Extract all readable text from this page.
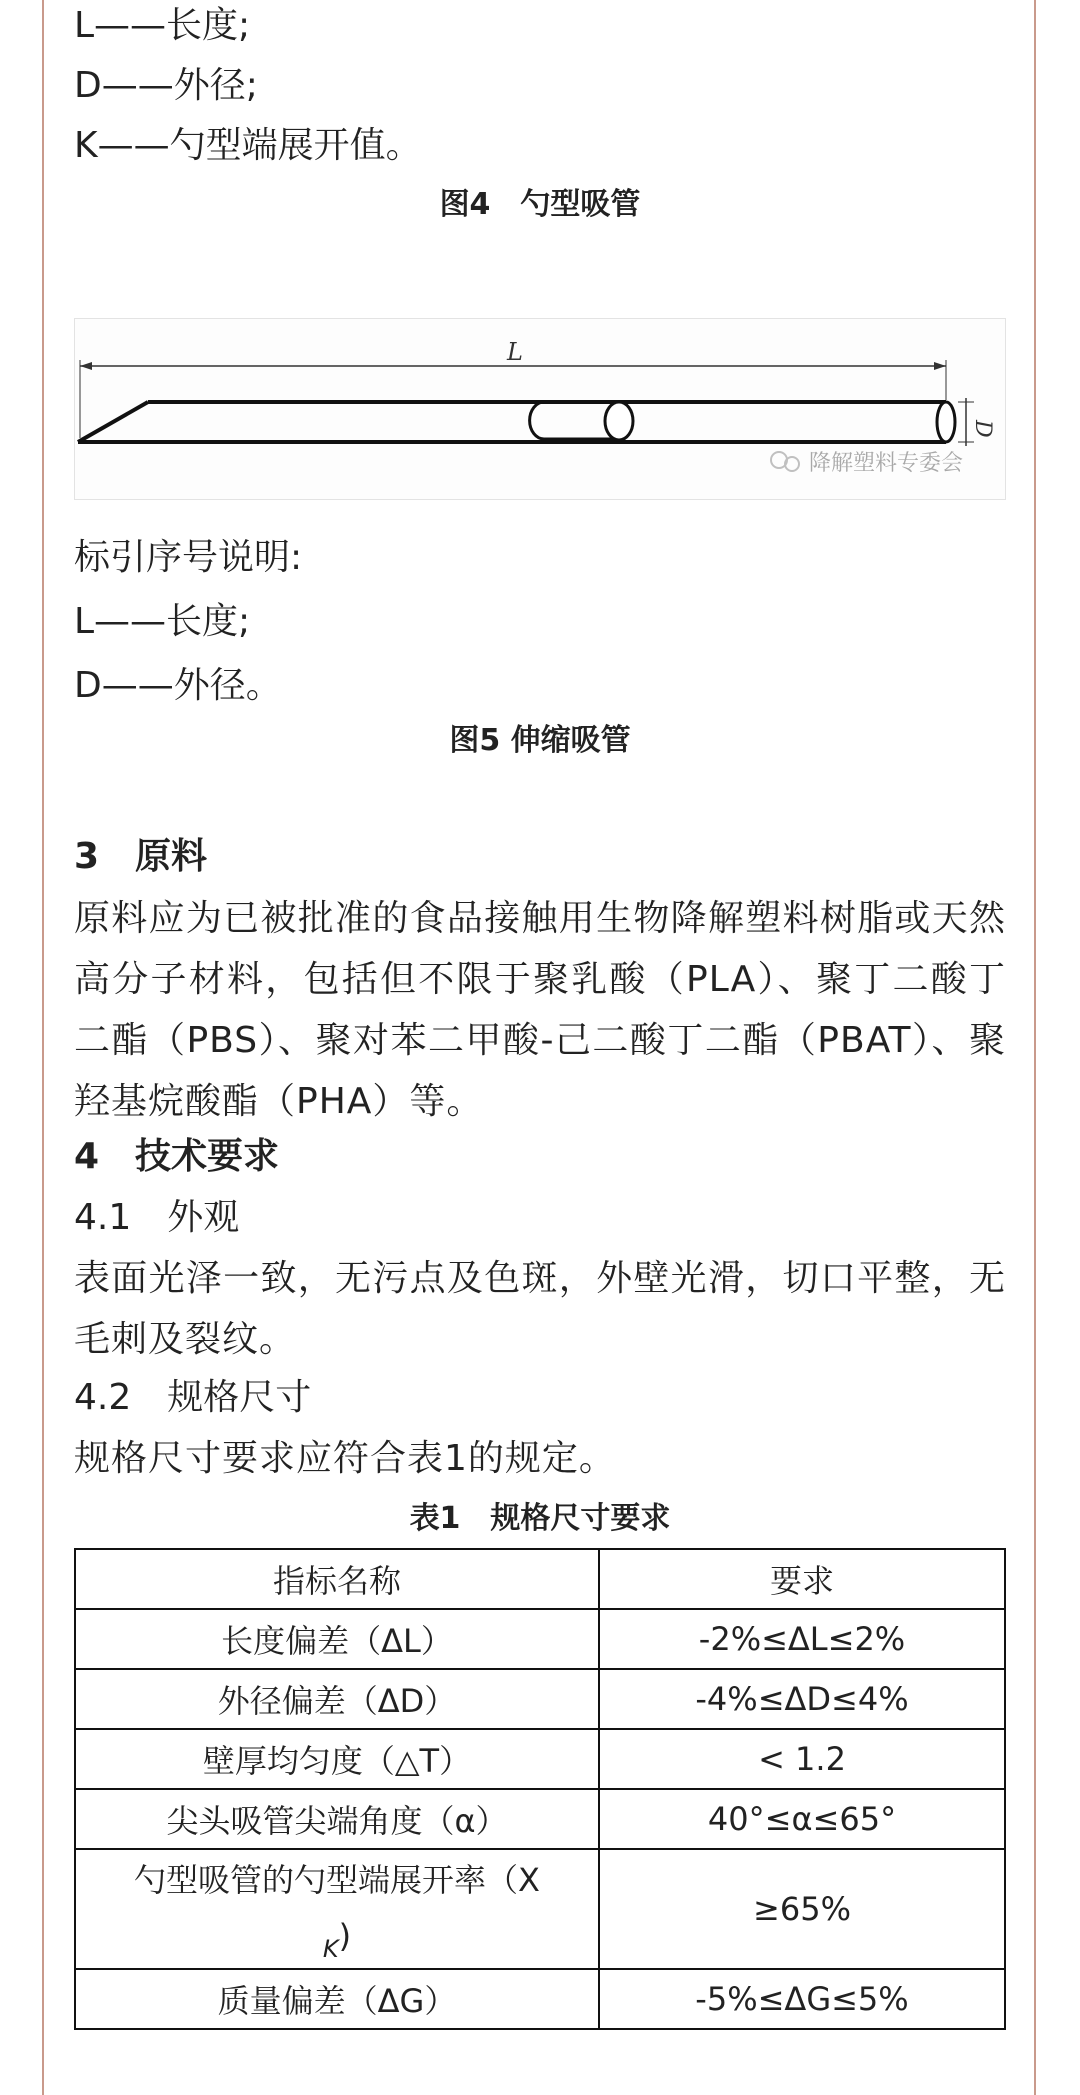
L——长度;
D——外径;
K——勺型端展开值。
图4　勺型吸管
L
D
降解塑料专委会
标引序号说明:
L——长度;
D——外径。
图5 伸缩吸管
3　原料
原料应为已被批准的食品接触用生物降解塑料树脂或天然高分子材料，包括但不限于聚乳酸（PLA）、聚丁二酸丁二酯（PBS）、聚对苯二甲酸-己二酸丁二酯（PBAT）、聚羟基烷酸酯（PHA）等。
4　技术要求
4.1　外观
表面光泽一致，无污点及色斑，外壁光滑，切口平整，无毛刺及裂纹。
4.2　规格尺寸
规格尺寸要求应符合表1的规定。
表1　规格尺寸要求
指标名称	要求
长度偏差（ΔL）	-2%≤ΔL≤2%
外径偏差（ΔD）	-4%≤ΔD≤4%
壁厚均匀度（△T）	< 1.2
尖头吸管尖端角度（α）	40°≤α≤65°
勺型吸管的勺型端展开率（X
$_K$)	≥65%
质量偏差（ΔG）	-5%≤ΔG≤5%
